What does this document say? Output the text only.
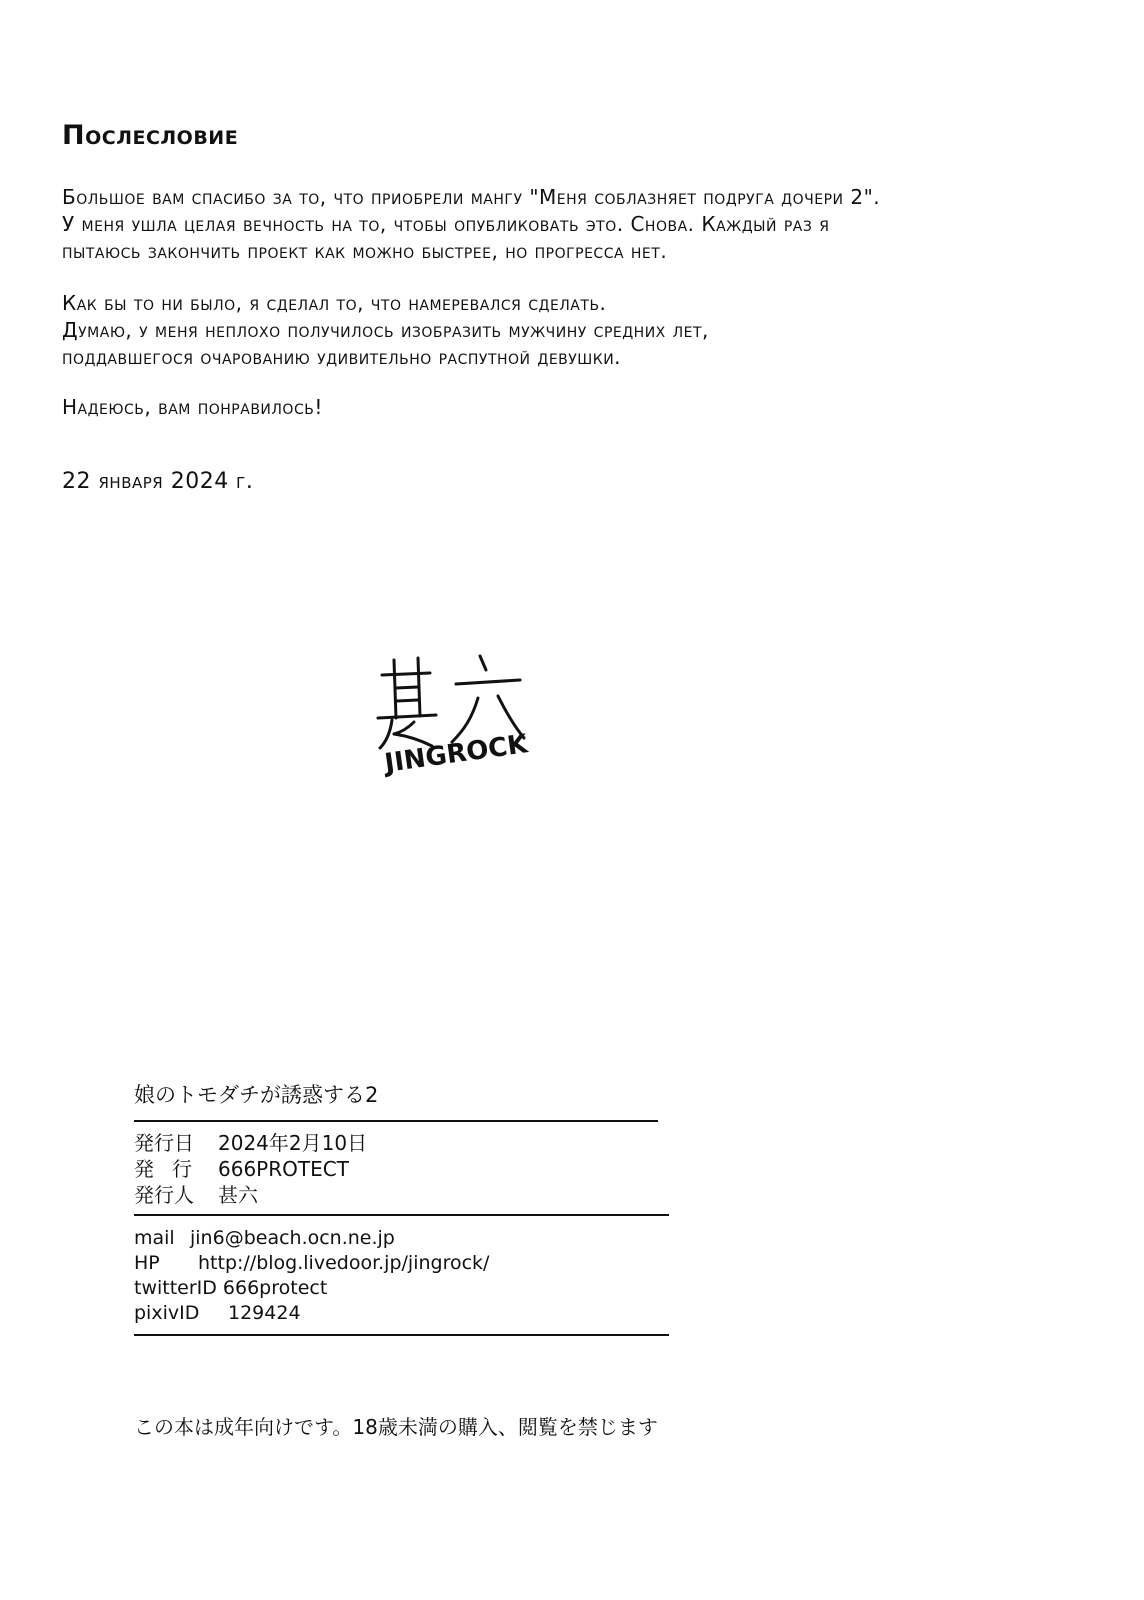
Послесловие
Большое вам спасибо за то, что приобрели мангу "Меня соблазняет подруга дочери 2".
У меня ушла целая вечность на то, чтобы опубликовать это. Снова. Каждый раз я
пытаюсь закончить проект как можно быстрее, но прогресса нет.
Как бы то ни было, я сделал то, что намеревался сделать.
Думаю, у меня неплохо получилось изобразить мужчину средних лет,
поддавшегося очарованию удивительно распутной девушки.
Надеюсь, вам понравилось!

22 января 2024 г.

JINGROCK

娘のトモダチが誘惑する2

発行日	2024年2月10日
発行 666PROTECT
発行人	甚六
mail jin6@beach.ocn.ne.jp
HP	http://blog.livedoor.jp/jingrock/
twitterID 666protect
pixivID	129424

この本は成年向けです。18歳未満の購入、閲覧を禁じます
